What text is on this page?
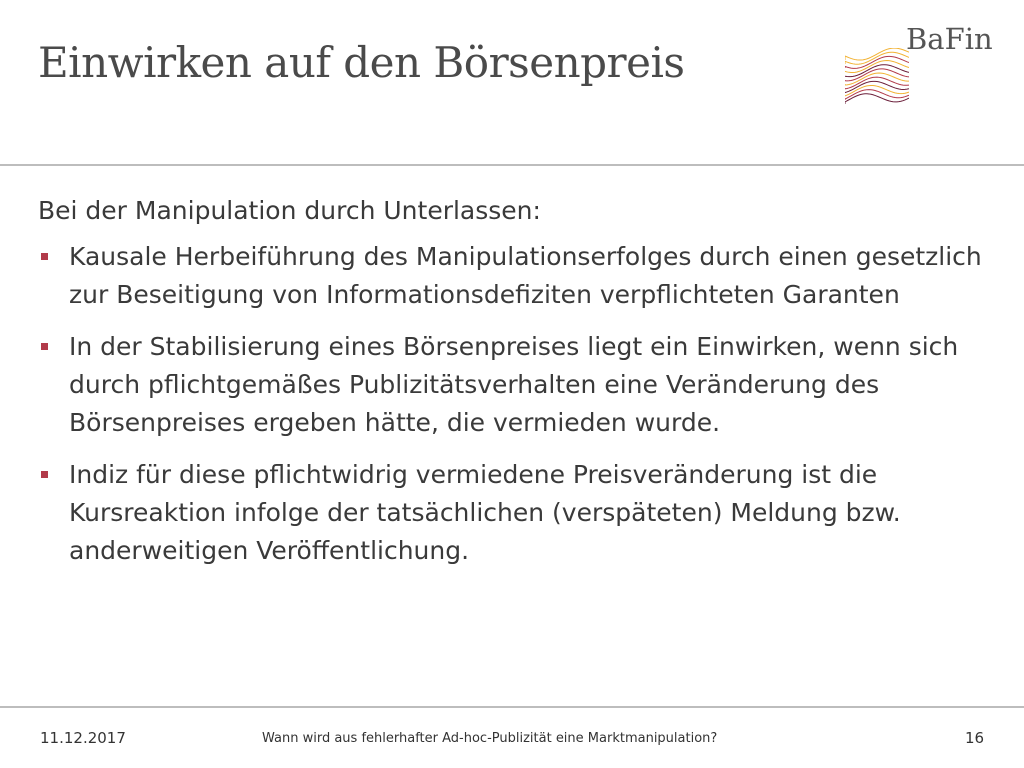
Einwirken auf den Börsenpreis	BaFin

Bei der Manipulation durch Unterlassen:

Kausale Herbeiführung des Manipulationserfolges durch einen gesetzlich zur Beseitigung von Informationsdefiziten verpflichteten Garanten
In der Stabilisierung eines Börsenpreises liegt ein Einwirken, wenn sich durch pflichtgemäßes Publizitätsverhalten eine Veränderung des Börsenpreises ergeben hätte, die vermieden wurde.
Indiz für diese pflichtwidrig vermiedene Preisveränderung ist die Kursreaktion infolge der tatsächlichen (verspäteten) Meldung bzw. anderweitigen Veröffentlichung.
11.12.2017	Wann wird aus fehlerhafter Ad-hoc-Publizität eine Marktmanipulation?	16
